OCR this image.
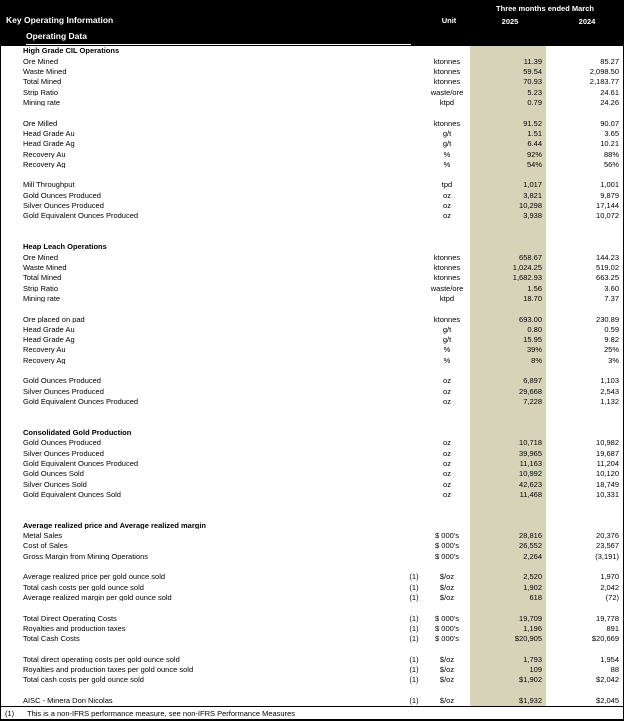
Key Operating Information
Operating Data
Unit
Three months ended March
2025	2024
High Grade CIL Operations
Ore Mined	ktonnes	11.39	85.27
Waste Mined	ktonnes	59.54	2,098.50
Total Mined	ktonnes	70.93	2,183.77
Strip Ratio	waste/ore	5.23	24.61
Mining rate	ktpd	0.79	24.26
Ore Milled	ktonnes	91.52	90.07
Head Grade Au	g/t	1.51	3.65
Head Grade Ag	g/t	6.44	10.21
Recovery Au	%	92%	88%
Recovery Ag	%	54%	56%
Mill Throughput	tpd	1,017	1,001
Gold Ounces Produced	oz	3,821	9,879
Silver Ounces Produced	oz	10,298	17,144
Gold Equivalent Ounces Produced	oz	3,938	10,072
Heap Leach Operations
Ore Mined	ktonnes	658.67	144.23
Waste Mined	ktonnes	1,024.25	519.02
Total Mined	ktonnes	1,682.93	663.25
Strip Ratio	waste/ore	1.56	3.60
Mining rate	ktpd	18.70	7.37
Ore placed on pad	ktonnes	693.00	230.89
Head Grade Au	g/t	0.80	0.59
Head Grade Ag	g/t	15.95	9.82
Recovery Au	%	39%	25%
Recovery Ag	%	8%	3%
Gold Ounces Produced	oz	6,897	1,103
Silver Ounces Produced	oz	29,668	2,543
Gold Equivalent Ounces Produced	oz	7,228	1,132
Consolidated Gold Production
Gold Ounces Produced	oz	10,718	10,982
Silver Ounces Produced	oz	39,965	19,687
Gold Equivalent Ounces Produced	oz	11,163	11,204
Gold Ounces Sold	oz	10,992	10,120
Silver Ounces Sold	oz	42,623	18,749
Gold Equivalent Ounces Sold	oz	11,468	10,331
Average realized price and Average realized margin
Metal Sales	$ 000's	28,816	20,376
Cost of Sales	$ 000's	26,552	23,567
Gross Margin from Mining Operations	$ 000's	2,264	(3,191)
Average realized price per gold ounce sold	(1)	$/oz	2,520	1,970
Total cash costs per gold ounce sold	(1)	$/oz	1,902	2,042
Average realized margin per gold ounce sold	(1)	$/oz	618	(72)
Total Direct Operating Costs	(1)	$ 000's	19,709	19,778
Royalties and production taxes	(1)	$ 000's	1,196	891
Total Cash Costs	(1)	$ 000's	$20,905	$20,669
Total direct operating costs per gold ounce sold	(1)	$/oz	1,793	1,954
Royalties and production taxes per gold ounce sold	(1)	$/oz	109	88
Total cash costs per gold ounce sold	(1)	$/oz	$1,902	$2,042
AISC - Minera Don Nicolas	(1)	$/oz	$1,932	$2,045
(1)	This is a non-IFRS performance measure, see non-IFRS Performance Measures
